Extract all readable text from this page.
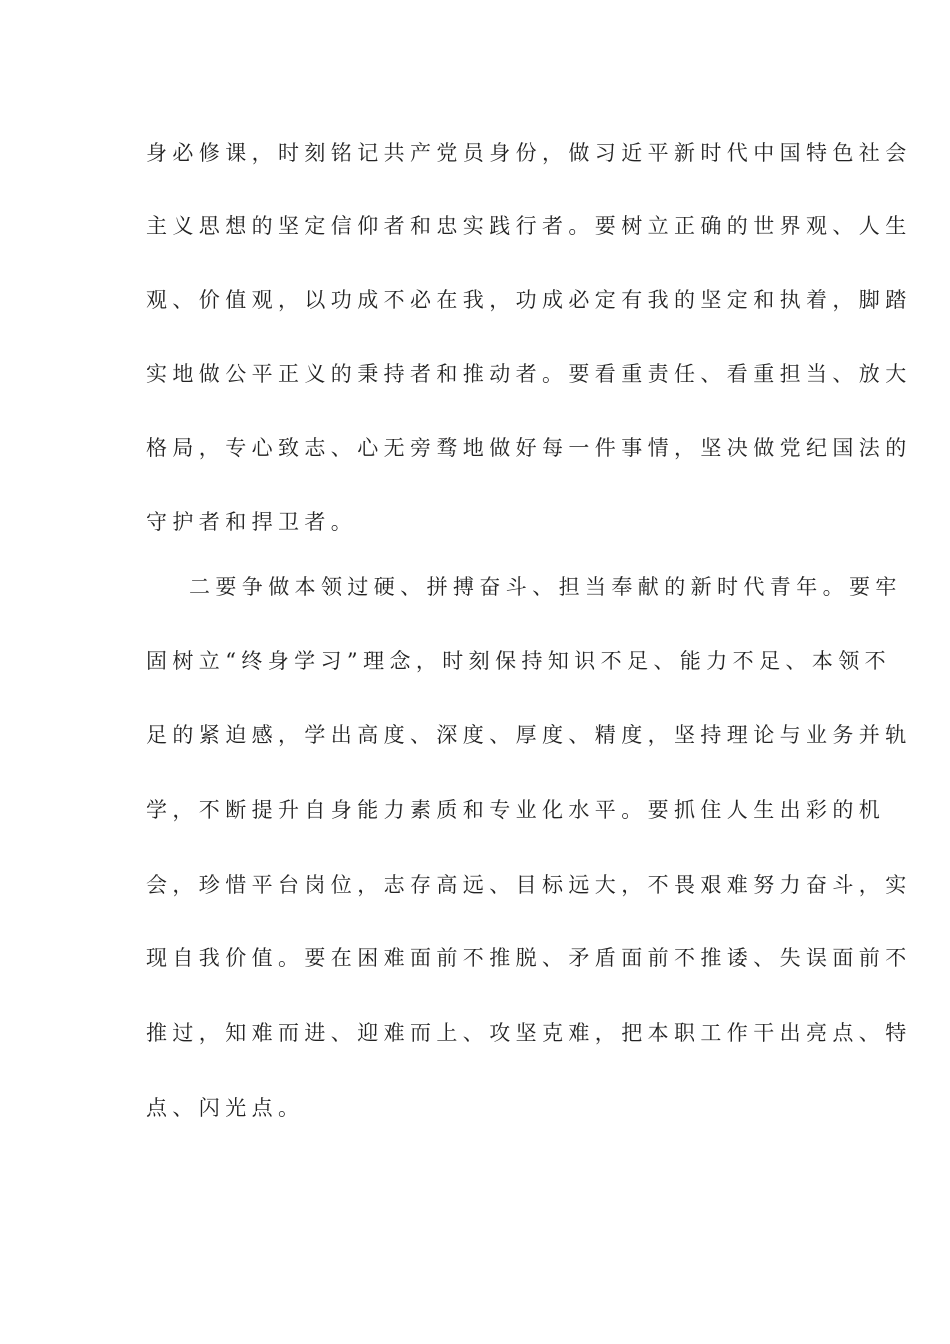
身必修课，时刻铭记共产党员身份，做习近平新时代中国特色社会
主义思想的坚定信仰者和忠实践行者。要树立正确的世界观、人生
观、价值观，以功成不必在我，功成必定有我的坚定和执着，脚踏
实地做公平正义的秉持者和推动者。要看重责任、看重担当、放大
格局，专心致志、心无旁骛地做好每一件事情，坚决做党纪国法的
守护者和捍卫者。
二要争做本领过硬、拼搏奋斗、担当奉献的新时代青年。要牢
固树立“终身学习”理念，时刻保持知识不足、能力不足、本领不
足的紧迫感，学出高度、深度、厚度、精度，坚持理论与业务并轨
学，不断提升自身能力素质和专业化水平。要抓住人生出彩的机
会，珍惜平台岗位，志存高远、目标远大，不畏艰难努力奋斗，实
现自我价值。要在困难面前不推脱、矛盾面前不推诿、失误面前不
推过，知难而进、迎难而上、攻坚克难，把本职工作干出亮点、特
点、闪光点。
